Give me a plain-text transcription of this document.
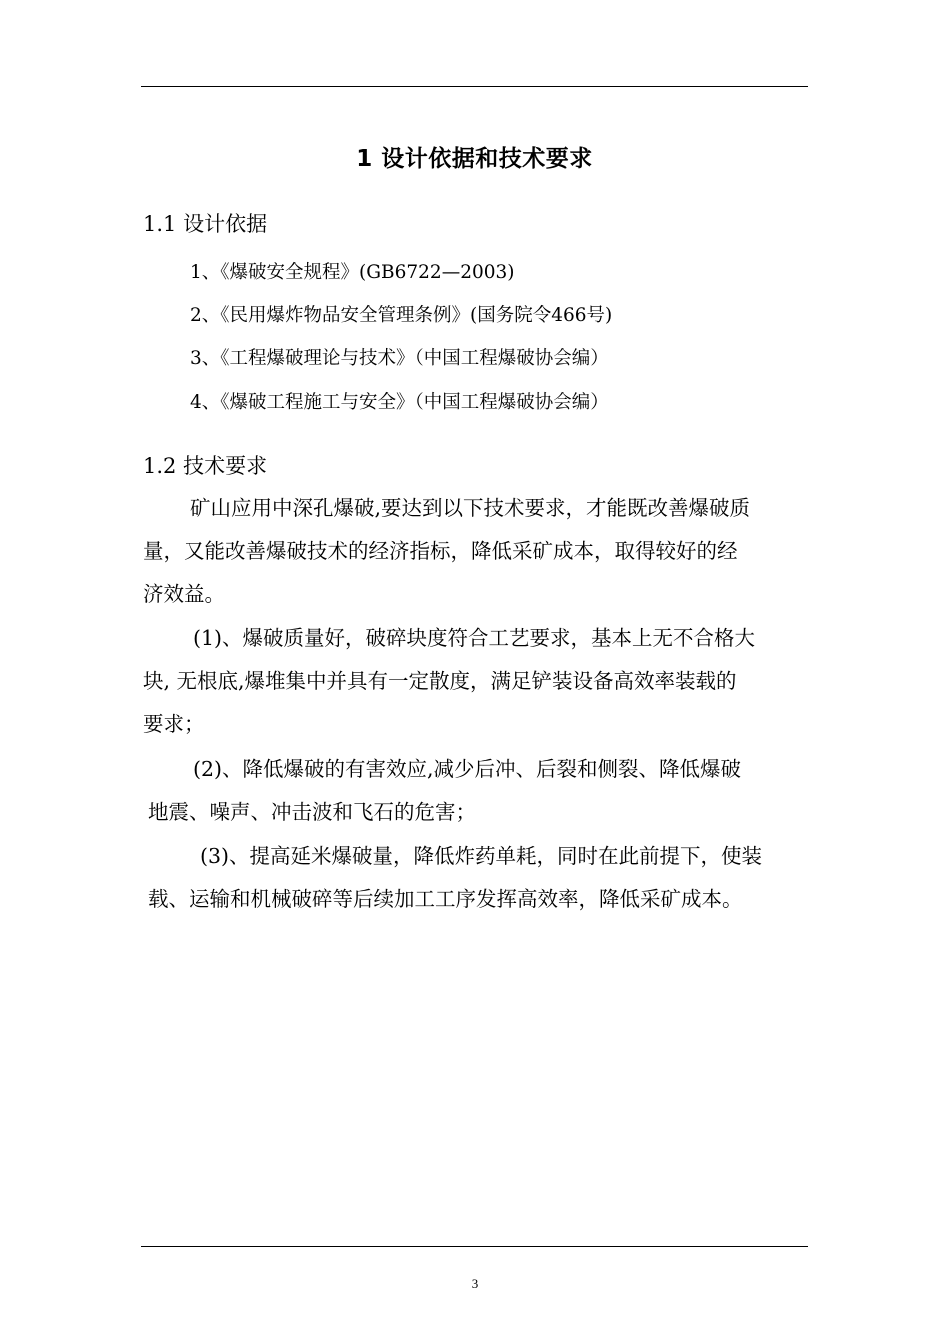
1 设计依据和技术要求
1.1 设计依据
1、《爆破安全规程》(GB6722—2003)
2、《民用爆炸物品安全管理条例》(国务院令466号)
3、《工程爆破理论与技术》（中国工程爆破协会编）
4、《爆破工程施工与安全》（中国工程爆破协会编）
1.2 技术要求

矿山应用中深孔爆破,要达到以下技术要求，才能既改善爆破质
量，又能改善爆破技术的经济指标，降低采矿成本，取得较好的经
济效益。

(1)、爆破质量好，破碎块度符合工艺要求，基本上无不合格大
块, 无根底,爆堆集中并具有一定散度，满足铲装设备高效率装载的
要求；

(2)、降低爆破的有害效应,减少后冲、后裂和侧裂、降低爆破
地震、噪声、冲击波和飞石的危害；

(3)、提高延米爆破量，降低炸药单耗，同时在此前提下，使装
载、运输和机械破碎等后续加工工序发挥高效率，降低采矿成本。

3
